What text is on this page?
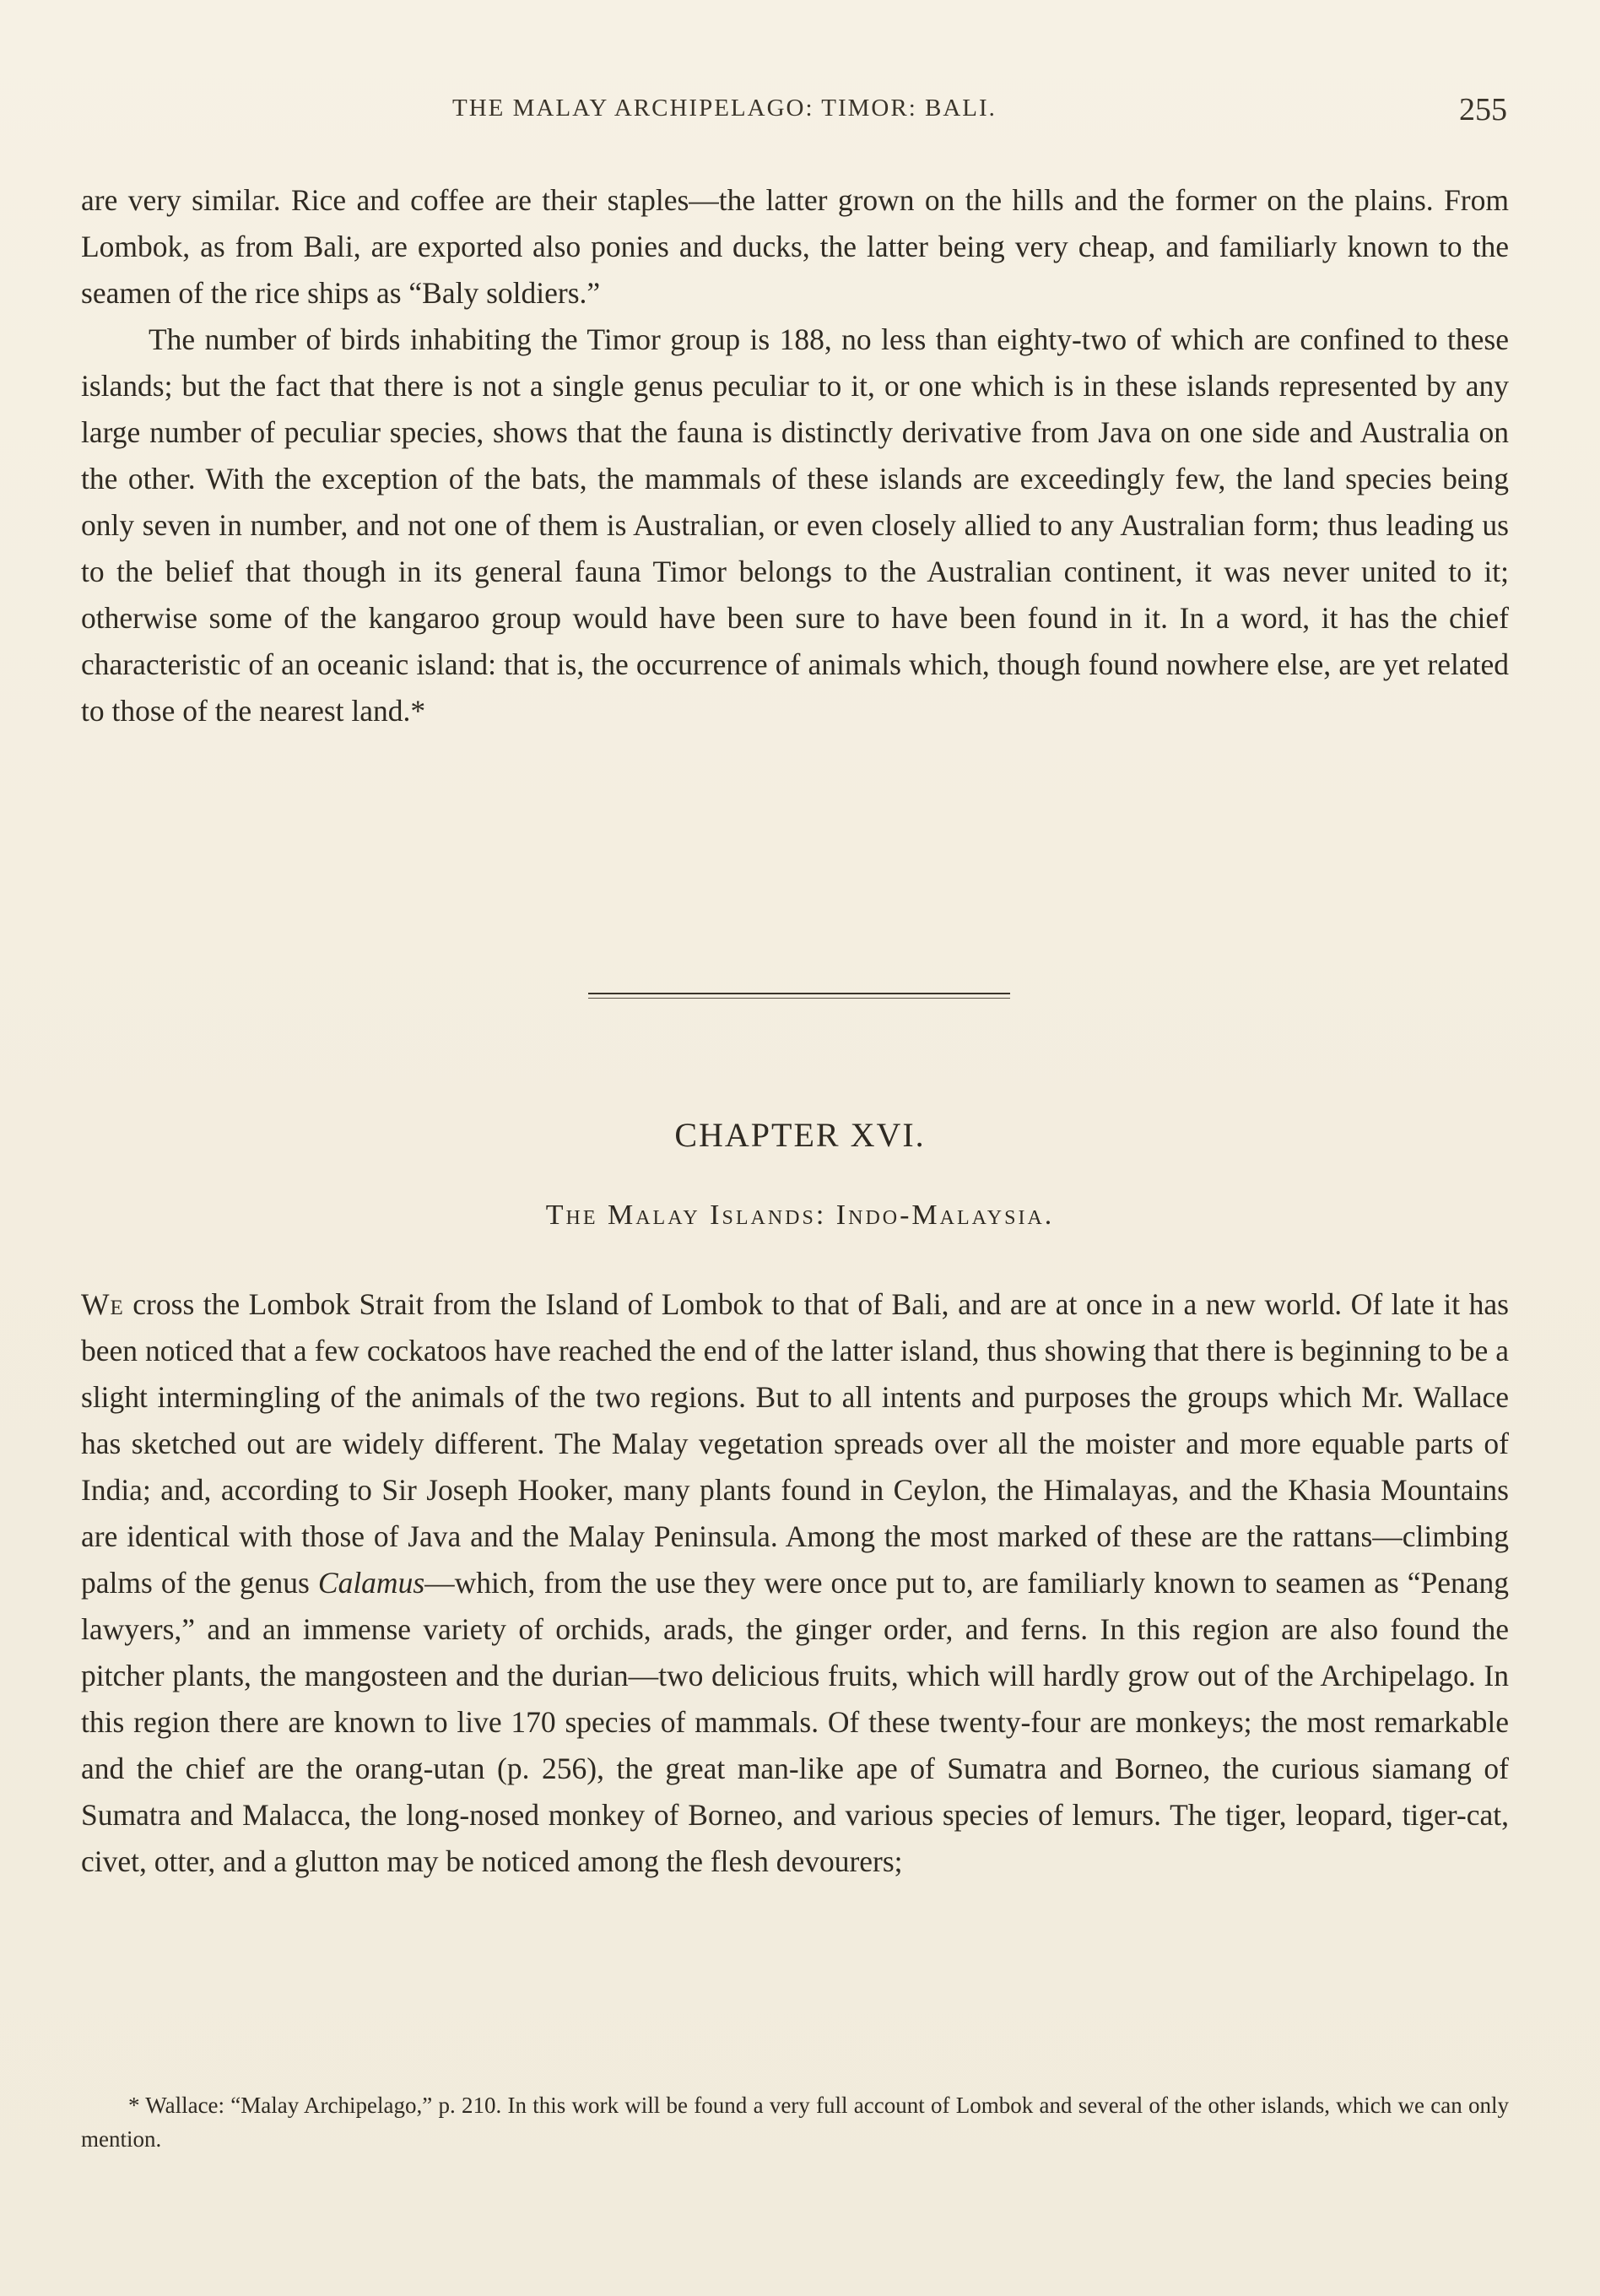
THE MALAY ARCHIPELAGO: TIMOR: BALI.	255

are very similar. Rice and coffee are their staples—the latter grown on the hills and the former on the plains. From Lombok, as from Bali, are exported also ponies and ducks, the latter being very cheap, and familiarly known to the seamen of the rice ships as “Baly soldiers.”

The number of birds inhabiting the Timor group is 188, no less than eighty-two of which are confined to these islands; but the fact that there is not a single genus peculiar to it, or one which is in these islands represented by any large number of peculiar species, shows that the fauna is distinctly derivative from Java on one side and Australia on the other. With the exception of the bats, the mammals of these islands are exceedingly few, the land species being only seven in number, and not one of them is Australian, or even closely allied to any Australian form; thus leading us to the belief that though in its general fauna Timor belongs to the Australian continent, it was never united to it; otherwise some of the kangaroo group would have been sure to have been found in it. In a word, it has the chief characteristic of an oceanic island: that is, the occurrence of animals which, though found nowhere else, are yet related to those of the nearest land.*

CHAPTER XVI.
The Malay Islands: Indo-Malaysia.

We cross the Lombok Strait from the Island of Lombok to that of Bali, and are at once in a new world. Of late it has been noticed that a few cockatoos have reached the end of the latter island, thus showing that there is beginning to be a slight intermingling of the animals of the two regions. But to all intents and purposes the groups which Mr. Wallace has sketched out are widely different. The Malay vegetation spreads over all the moister and more equable parts of India; and, according to Sir Joseph Hooker, many plants found in Ceylon, the Himalayas, and the Khasia Mountains are identical with those of Java and the Malay Peninsula. Among the most marked of these are the rattans—climbing palms of the genus Calamus—which, from the use they were once put to, are familiarly known to seamen as “Penang lawyers,” and an immense variety of orchids, arads, the ginger order, and ferns. In this region are also found the pitcher plants, the mangosteen and the durian—two delicious fruits, which will hardly grow out of the Archipelago. In this region there are known to live 170 species of mammals. Of these twenty-four are monkeys; the most remarkable and the chief are the orang-utan (p. 256), the great man-like ape of Sumatra and Borneo, the curious siamang of Sumatra and Malacca, the long-nosed monkey of Borneo, and various species of lemurs. The tiger, leopard, tiger-cat, civet, otter, and a glutton may be noticed among the flesh devourers;

* Wallace: “Malay Archipelago,” p. 210. In this work will be found a very full account of Lombok and several of the other islands, which we can only mention.
